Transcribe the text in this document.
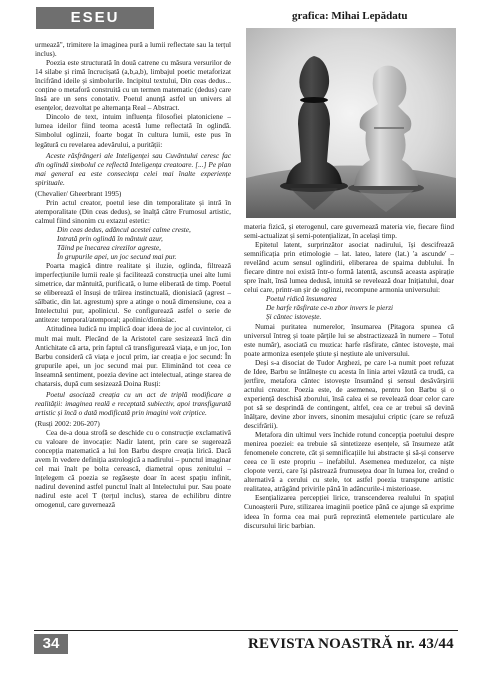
ESEU	grafica: Mihai Lepădatu

urmează", trimitere la imaginea pură a lumii reflectate sau la terțul inclus).

Poezia este structurată în două catrene cu măsura versurilor de 14 silabe și rimă încrucișată (a,b,a,b), limbajul poetic metaforizat încifrând ideile și simbolurile. Incipitul textului, Din ceas dedus... conține o metaforă construită cu un termen matematic (dedus) care însă are un sens conotativ. Poetul anunță astfel un univers al esențelor, dezvoltat pe alternanța Real – Abstract.

Dincolo de text, intuim influența filosofiei platoniciene – lumea ideilor fiind teoma acestă lume reflectată în oglindă. Simbolul oglinzii, foarte bogat în cultura lumii, este pus în legătură cu revelarea adevărului, a purității:

Aceste răsfrângeri ale Inteligenței sau Cuvântului ceresc fac din oglindă simbolul ce reflectă Inteligența creatoare. [...] Pe plan mai general ea este consecința celei mai înalte experiențe spirituale.

(Chevalier/ Gheerbrant 1995)

Prin actul creator, poetul iese din temporalitate și intră în atemporalitate (Din ceas dedus), se înalță către Frumosul artistic, calmul fiind sinonim cu extazul estetic:

Din ceas dedus, adâncul acestei calme creste,

Intrată prin oglindă în mântuit azur,

Tăind pe înecarea cirezilor agreste,

În grupurile apei, un joc secund mai pur.

Poarta magică dintre realitate și iluzie, oglinda, filtrează imperfecțiunile lumii reale și facilitează construcția unei alte lumi simetrice, dar mântuită, purificată, o lume eliberată de timp. Poetul se eliberează el însuși de trăirea instinctuală, dionisiacă (agrest – sălbatic, din lat. agrestum) spre a atinge o nouă dimensiune, cea a Intelectului pur, apolinicul. Se configurează astfel o serie de antiteze: temporal/atemporal; apolinic/dionisiac.

Atitudinea ludică nu implică doar ideea de joc al cuvintelor, ci mult mai mult. Plecând de la Aristotel care sesizează încă din Antichitate că arta, prin faptul că transfigurează viața, e un joc, Ion Barbu consideră că viața e jocul prim, iar creația e joc secund: În grupurile apei, un joc secund mai pur. Eliminând tot ceea ce înseamnă sentiment, poezia devine act intelectual, atinge starea de chatarsis, după cum sesizează Doina Rusți:

Poetul asociază creația cu un act de triplă modificare a realității: imaginea reală e receptată subiectiv, apoi transfigurată artistic și încă o dată modificată prin imagini voit criptice.

(Rusți 2002: 206-207)

Cea de-a doua strofă se deschide cu o construcție exclamativă cu valoare de invocație: Nadir latent, prin care se sugerează concepția matematică a lui Ion Barbu despre creația lirică. Dacă avem în vedere definiția astrologică a nadirului – punctul imaginar cel mai înalt pe bolta cerească, diametral opus zenitului – înțelegem că poezia se regăsește doar în acest spațiu infinit, nadirul devenind astfel punctul înalt al Intelectului pur. Sau poate nadirul este acel T (terțul inclus), starea de echilibru dintre omogenul, care guvernează

materia fizică, și eterogenul, care guvernează materia vie, fiecare fiind semi-actualizat și semi-potențializat, în același timp.

Epitetul latent, surprinzător asociat nadirului, își descifrează semnificația prin etimologie – lat. lateo, latere (lat.) 'a ascunde' – revelând acum sensul oglindirii, eliberarea de spaima dublului. În fiecare dintre noi există într-o formă latentă, ascunsă aceasta aspirație spre înalt, însă lumea dedusă, intuită se revelează doar Inițiatului, doar celui care, printr-un șir de oglinzi, recompune armonia universului:

Poetul ridică însumarea

De harfe răsfirate ce-n zbor invers le pierzi

Și cântec istovește.

Numai puritatea numerelor, însumarea (Pitagora spunea că universul întreg și toate părțile lui se abstractizează în numere – Totul este număr), asociată cu muzica: harfe răsfirate, cântec istovește, mai poate armoniza esențele știute și neștiute ale universului.

Deși s-a disociat de Tudor Arghezi, pe care l-a numit poet refuzat de Idee, Barbu se întâlnește cu acesta în linia artei văzută ca trudă, ca jertfire, metafora cântec istovește însumând și sensul desăvârșirii actului creator. Poezia este, de asemenea, pentru Ion Barbu și o experiență deschisă zborului, însă calea ei se revelează doar celor care pot să se desprindă de contingent, altfel, cea ce ar trebui să devină înălțare, devine zbor invers, sinonim mesajului criptic (care se refuză descifrării).

Metafora din ultimul vers închide rotund concepția poetului despre menirea poeziei: ea trebuie să sintetizeze esențele, să însumeze atât fenomenele concrete, cât și semnificațiile lui abstracte și să-și conserve ceea ce îi este propriu – inefabilul. Asemenea meduzelor, ca niște clopote verzi, care își păstrează frumusețea doar în lumea lor, creând o alternativă a cerului cu stele, tot astfel poezia transpune artistic realitatea, atrăgând privirile până în adâncurile-i misterioase.

Esențializarea percepției lirice, transcenderea realului în spațiul Cunoașterii Pure, stilizarea imaginii poetice până ce ajunge să exprime ideea în forma cea mai pură reprezintă elementele particulare ale discursului liric barbian.

34	REVISTA NOASTRĂ nr. 43/44
